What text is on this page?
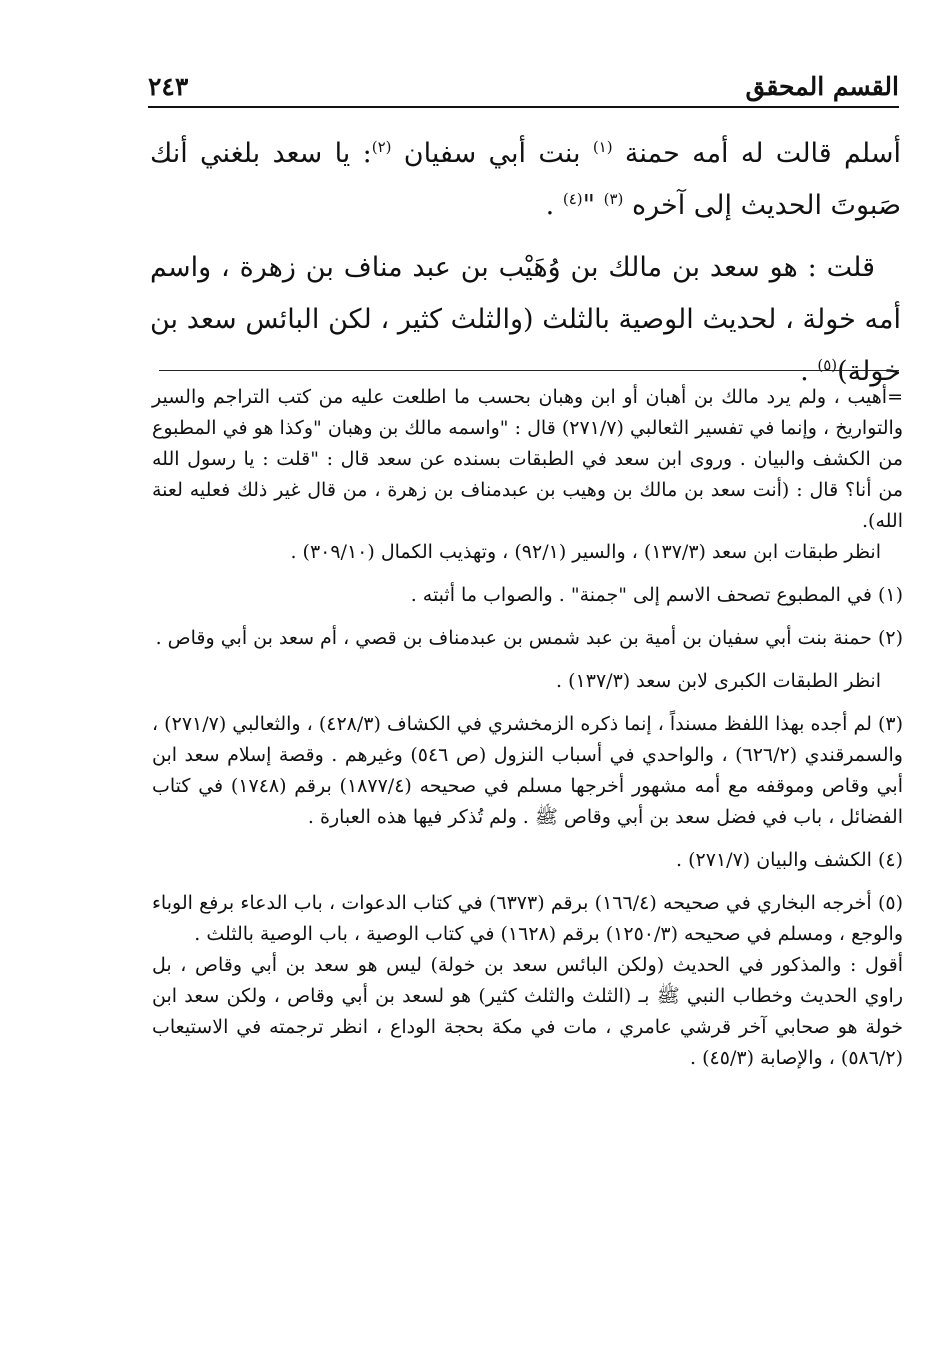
القسم المحقق
٢٤٣

أسلم قالت له أمه حمنة $^{(١)}$ بنت أبي سفيان $^{(٢)}$: يا سعد بلغني أنك صَبوتَ الحديث إلى آخره $^{(٣)}$ "$^{(٤)}$ .

قلت : هو سعد بن مالك بن وُهَيْب بن عبد مناف بن زهرة ، واسم أمه خولة ، لحديث الوصية بالثلث (والثلث كثير ، لكن البائس سعد بن خولة)$^{(٥)}$ .

=أهيب ، ولم يرد مالك بن أهبان أو ابن وهبان بحسب ما اطلعت عليه من كتب التراجم والسير والتواريخ ، وإنما في تفسير الثعالبي (٢٧١/٧) قال : "واسمه مالك بن وهبان "وكذا هو في المطبوع من الكشف والبيان . وروى ابن سعد في الطبقات بسنده عن سعد قال : "قلت : يا رسول الله من أنا؟ قال : (أنت سعد بن مالك بن وهيب بن عبدمناف بن زهرة ، من قال غير ذلك فعليه لعنة الله).

انظر طبقات ابن سعد (١٣٧/٣) ، والسير (٩٢/١) ، وتهذيب الكمال (٣٠٩/١٠) .

(١) في المطبوع تصحف الاسم إلى "جمنة" . والصواب ما أثبته .

(٢) حمنة بنت أبي سفيان بن أمية بن عبد شمس بن عبدمناف بن قصي ، أم سعد بن أبي وقاص .

انظر الطبقات الكبرى لابن سعد (١٣٧/٣) .

(٣) لم أجده بهذا اللفظ مسنداً ، إنما ذكره الزمخشري في الكشاف (٤٢٨/٣) ، والثعالبي (٢٧١/٧) ، والسمرقندي (٦٢٦/٢) ، والواحدي في أسباب النزول (ص ٥٤٦) وغيرهم . وقصة إسلام سعد ابن أبي وقاص وموقفه مع أمه مشهور أخرجها مسلم في صحيحه (١٨٧٧/٤) برقم (١٧٤٨) في كتاب الفضائل ، باب في فضل سعد بن أبي وقاص ﷺ . ولم تُذكر فيها هذه العبارة .

(٤) الكشف والبيان (٢٧١/٧) .

(٥) أخرجه البخاري في صحيحه (١٦٦/٤) برقم (٦٣٧٣) في كتاب الدعوات ، باب الدعاء برفع الوباء والوجع ، ومسلم في صحيحه (١٢٥٠/٣) برقم (١٦٢٨) في كتاب الوصية ، باب الوصية بالثلث .

أقول : والمذكور في الحديث (ولكن البائس سعد بن خولة) ليس هو سعد بن أبي وقاص ، بل راوي الحديث وخطاب النبي ﷺ بـ (الثلث والثلث كثير) هو لسعد بن أبي وقاص ، ولكن سعد ابن خولة هو صحابي آخر قرشي عامري ، مات في مكة بحجة الوداع ، انظر ترجمته في الاستيعاب (٥٨٦/٢) ، والإصابة (٤٥/٣) .
